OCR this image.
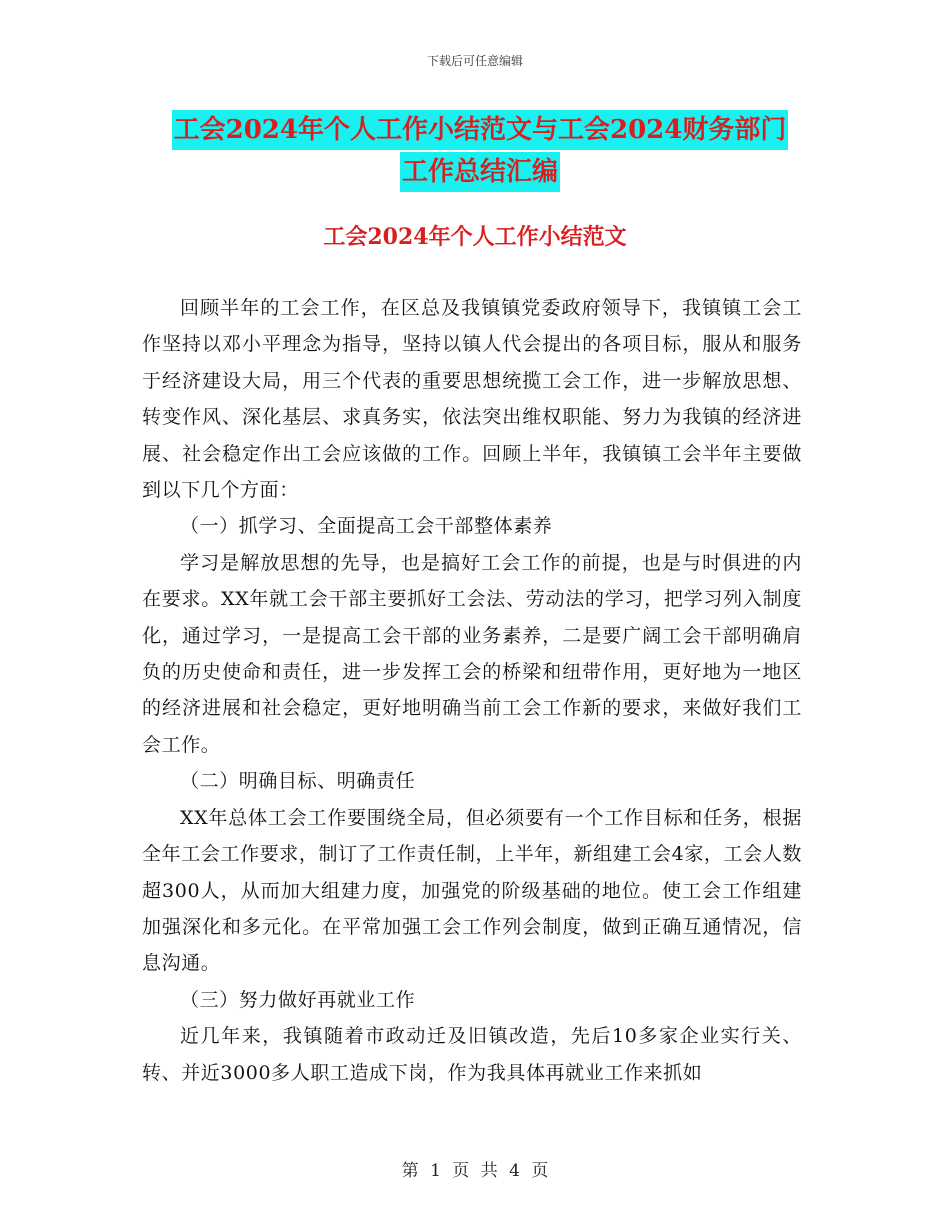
下载后可任意编辑
工会2024年个人工作小结范文与工会2024财务部门
工作总结汇编
工会2024年个人工作小结范文

回顾半年的工会工作，在区总及我镇镇党委政府领导下，我镇镇工会工作坚持以邓小平理念为指导，坚持以镇人代会提出的各项目标，服从和服务于经济建设大局，用三个代表的重要思想统揽工会工作，进一步解放思想、转变作风、深化基层、求真务实，依法突出维权职能、努力为我镇的经济进展、社会稳定作出工会应该做的工作。回顾上半年，我镇镇工会半年主要做到以下几个方面：

（一）抓学习、全面提高工会干部整体素养

学习是解放思想的先导，也是搞好工会工作的前提，也是与时俱进的内在要求。XX年就工会干部主要抓好工会法、劳动法的学习，把学习列入制度化，通过学习，一是提高工会干部的业务素养，二是要广阔工会干部明确肩负的历史使命和责任，进一步发挥工会的桥梁和纽带作用，更好地为一地区的经济进展和社会稳定，更好地明确当前工会工作新的要求，来做好我们工会工作。

（二）明确目标、明确责任

XX年总体工会工作要围绕全局，但必须要有一个工作目标和任务，根据全年工会工作要求，制订了工作责任制，上半年，新组建工会4家，工会人数超300人，从而加大组建力度，加强党的阶级基础的地位。使工会工作组建加强深化和多元化。在平常加强工会工作列会制度，做到正确互通情况，信息沟通。

（三）努力做好再就业工作

近几年来，我镇随着市政动迁及旧镇改造，先后10多家企业实行关、转、并近3000多人职工造成下岗，作为我具体再就业工作来抓如

第 1 页 共 4 页
